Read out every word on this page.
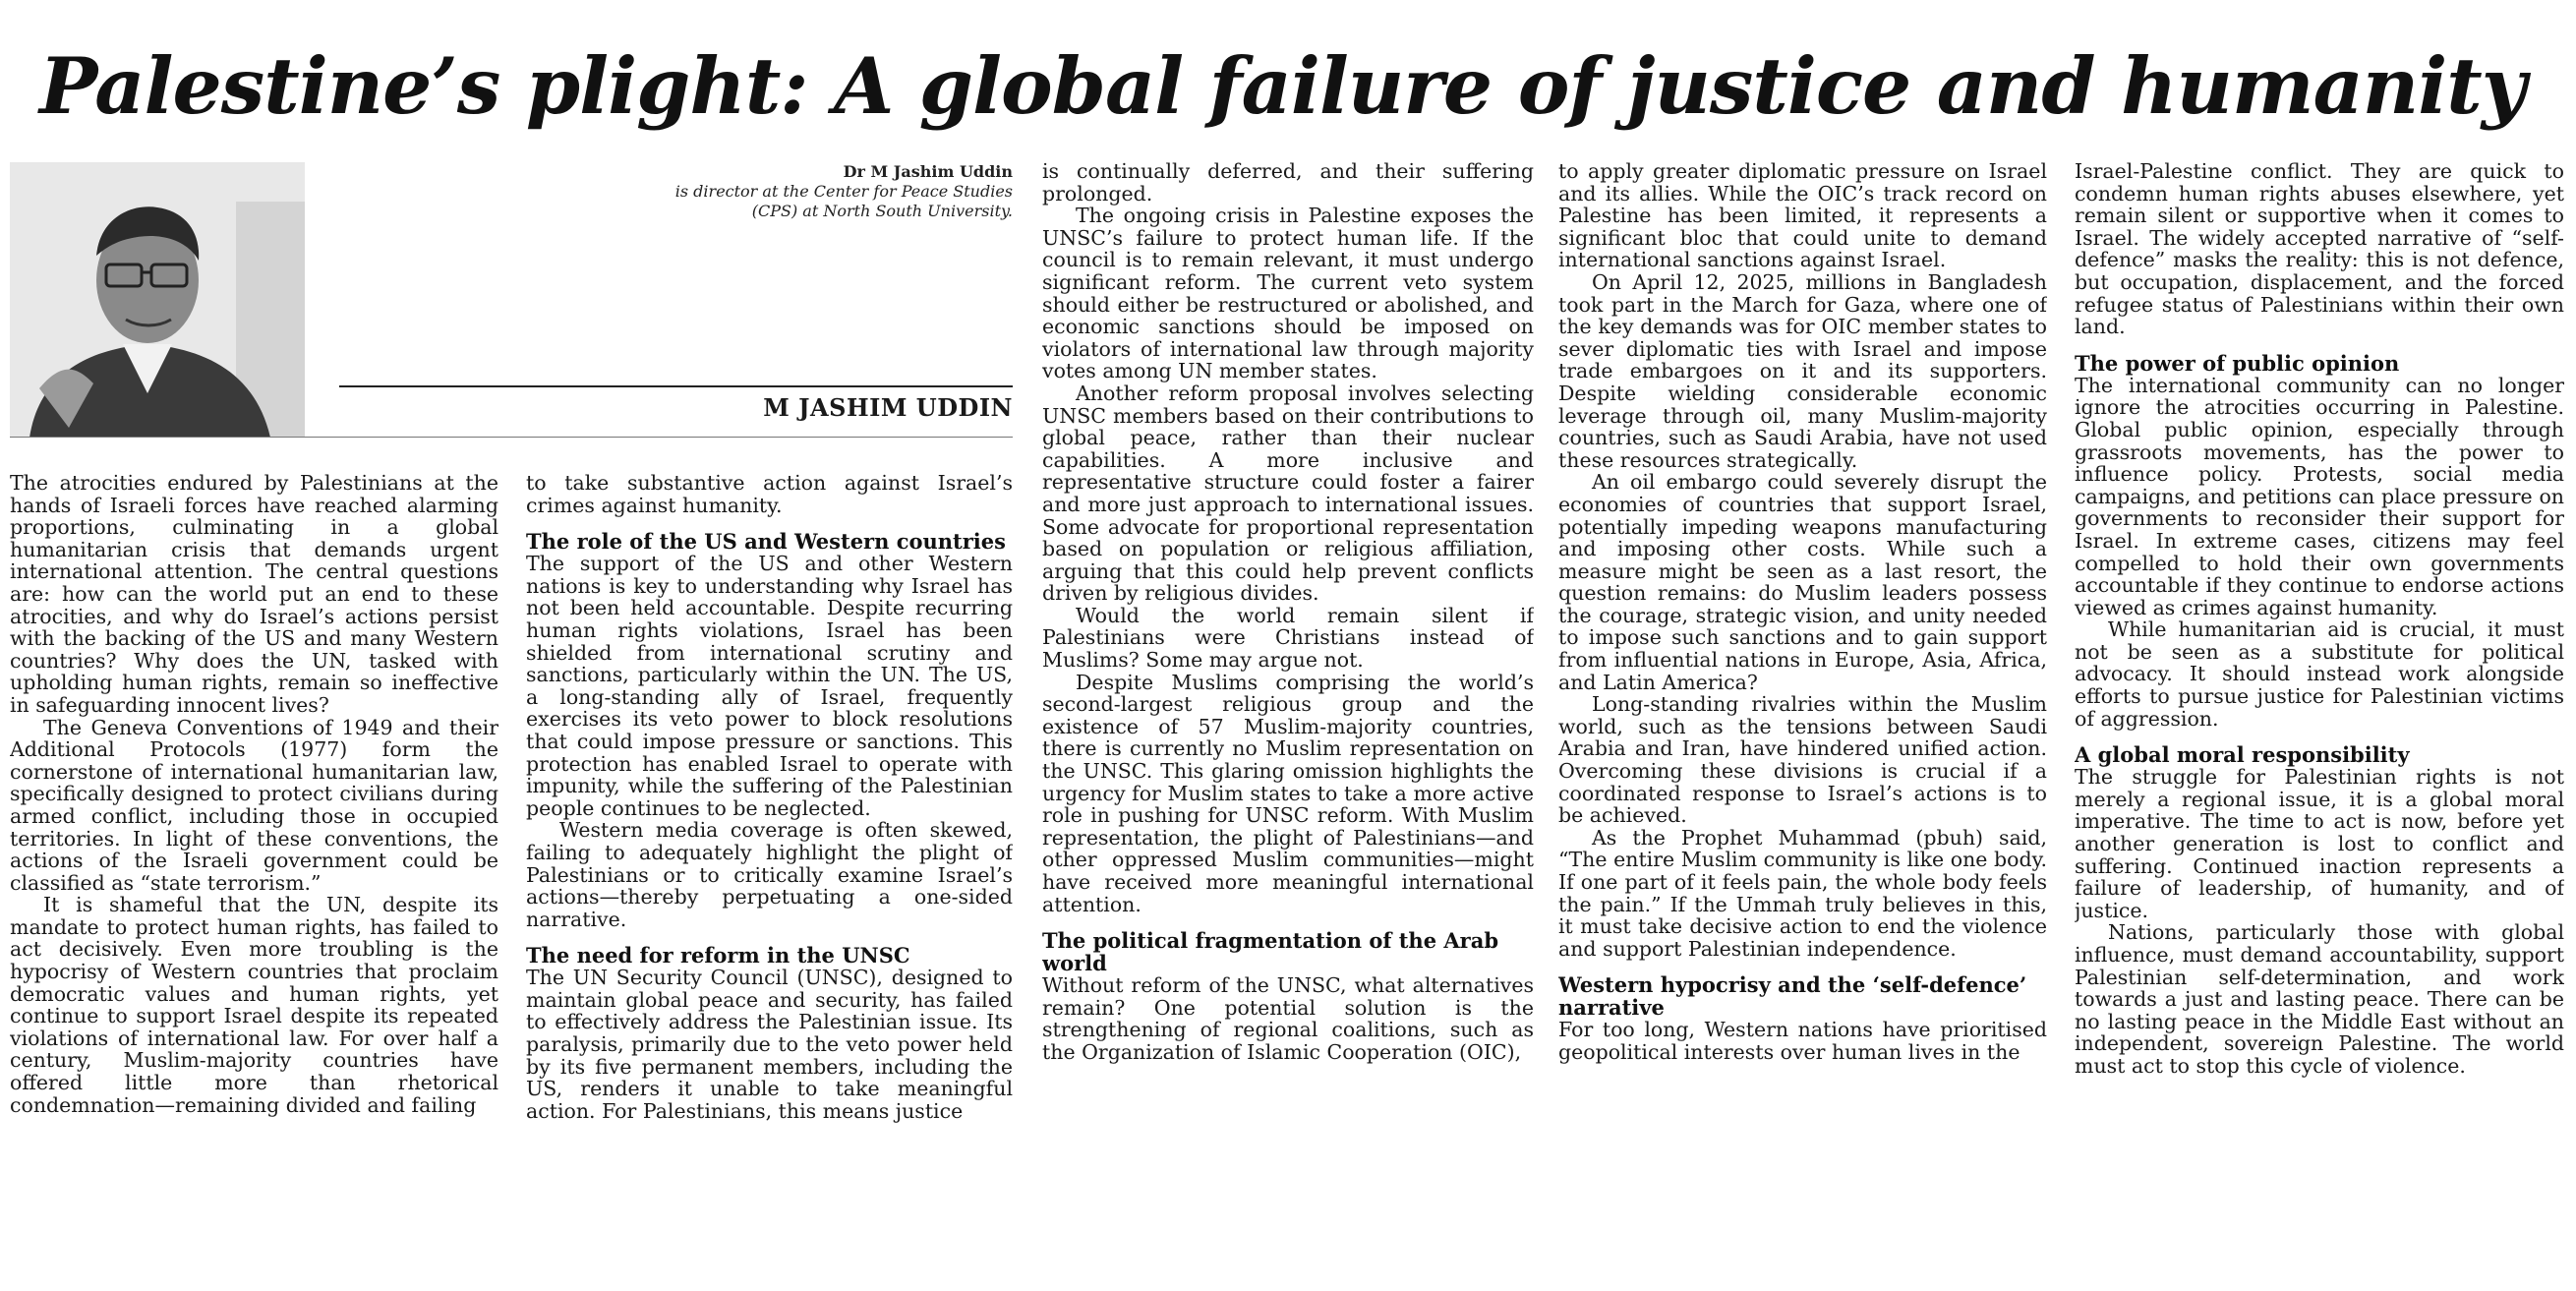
Palestine’s plight: A global failure of justice and humanity
Dr M Jashim Uddin
is director at the Center for Peace Studies
(CPS) at North South University.
M JASHIM UDDIN

The atrocities endured by Palestinians at the hands of Israeli forces have reached alarming proportions, culminating in a global humanitarian crisis that demands urgent international attention. The central questions are: how can the world put an end to these atrocities, and why do Israel’s actions persist with the backing of the US and many Western countries? Why does the UN, tasked with upholding human rights, remain so ineffective in safeguarding innocent lives?

The Geneva Conventions of 1949 and their Additional Protocols (1977) form the cornerstone of international humanitarian law, specifically designed to protect civilians during armed conflict, including those in occupied territories. In light of these conventions, the actions of the Israeli government could be classified as “state terrorism.”

It is shameful that the UN, despite its mandate to protect human rights, has failed to act decisively. Even more troubling is the hypocrisy of Western countries that proclaim democratic values and human rights, yet continue to support Israel despite its repeated violations of international law. For over half a century, Muslim-majority countries have offered little more than rhetorical condemnation—remaining divided and failing

to take substantive action against Israel’s crimes against humanity.

The role of the US and Western countries

The support of the US and other Western nations is key to understanding why Israel has not been held accountable. Despite recurring human rights violations, Israel has been shielded from international scrutiny and sanctions, particularly within the UN. The US, a long-standing ally of Israel, frequently exercises its veto power to block resolutions that could impose pressure or sanctions. This protection has enabled Israel to operate with impunity, while the suffering of the Palestinian people continues to be neglected.

Western media coverage is often skewed, failing to adequately highlight the plight of Palestinians or to critically examine Israel’s actions—thereby perpetuating a one-sided narrative.

The need for reform in the UNSC

The UN Security Council (UNSC), designed to maintain global peace and security, has failed to effectively address the Palestinian issue. Its paralysis, primarily due to the veto power held by its five permanent members, including the US, renders it unable to take meaningful action. For Palestinians, this means justice

is continually deferred, and their suffering prolonged.

The ongoing crisis in Palestine exposes the UNSC’s failure to protect human life. If the council is to remain relevant, it must undergo significant reform. The current veto system should either be restructured or abolished, and economic sanctions should be imposed on violators of international law through majority votes among UN member states.

Another reform proposal involves selecting UNSC members based on their contributions to global peace, rather than their nuclear capabilities. A more inclusive and representative structure could foster a fairer and more just approach to international issues. Some advocate for proportional representation based on population or religious affiliation, arguing that this could help prevent conflicts driven by religious divides.

Would the world remain silent if Palestinians were Christians instead of Muslims? Some may argue not.

Despite Muslims comprising the world’s second-largest religious group and the existence of 57 Muslim-majority countries, there is currently no Muslim representation on the UNSC. This glaring omission highlights the urgency for Muslim states to take a more active role in pushing for UNSC reform. With Muslim representation, the plight of Palestinians—and other oppressed Muslim communities—might have received more meaningful international attention.

The political fragmentation of the Arab world

Without reform of the UNSC, what alternatives remain? One potential solution is the strengthening of regional coalitions, such as the Organization of Islamic Cooperation (OIC),

to apply greater diplomatic pressure on Israel and its allies. While the OIC’s track record on Palestine has been limited, it represents a significant bloc that could unite to demand international sanctions against Israel.

On April 12, 2025, millions in Bangladesh took part in the March for Gaza, where one of the key demands was for OIC member states to sever diplomatic ties with Israel and impose trade embargoes on it and its supporters. Despite wielding considerable economic leverage through oil, many Muslim-majority countries, such as Saudi Arabia, have not used these resources strategically.

An oil embargo could severely disrupt the economies of countries that support Israel, potentially impeding weapons manufacturing and imposing other costs. While such a measure might be seen as a last resort, the question remains: do Muslim leaders possess the courage, strategic vision, and unity needed to impose such sanctions and to gain support from influential nations in Europe, Asia, Africa, and Latin America?

Long-standing rivalries within the Muslim world, such as the tensions between Saudi Arabia and Iran, have hindered unified action. Overcoming these divisions is crucial if a coordinated response to Israel’s actions is to be achieved.

As the Prophet Muhammad (pbuh) said, “The entire Muslim community is like one body. If one part of it feels pain, the whole body feels the pain.” If the Ummah truly believes in this, it must take decisive action to end the violence and support Palestinian independence.

Western hypocrisy and the ‘self-defence’ narrative

For too long, Western nations have prioritised geopolitical interests over human lives in the

Israel-Palestine conflict. They are quick to condemn human rights abuses elsewhere, yet remain silent or supportive when it comes to Israel. The widely accepted narrative of “self-defence” masks the reality: this is not defence, but occupation, displacement, and the forced refugee status of Palestinians within their own land.

The power of public opinion

The international community can no longer ignore the atrocities occurring in Palestine. Global public opinion, especially through grassroots movements, has the power to influence policy. Protests, social media campaigns, and petitions can place pressure on governments to reconsider their support for Israel. In extreme cases, citizens may feel compelled to hold their own governments accountable if they continue to endorse actions viewed as crimes against humanity.

While humanitarian aid is crucial, it must not be seen as a substitute for political advocacy. It should instead work alongside efforts to pursue justice for Palestinian victims of aggression.

A global moral responsibility

The struggle for Palestinian rights is not merely a regional issue, it is a global moral imperative. The time to act is now, before yet another generation is lost to conflict and suffering. Continued inaction represents a failure of leadership, of humanity, and of justice.

Nations, particularly those with global influence, must demand accountability, support Palestinian self-determination, and work towards a just and lasting peace. There can be no lasting peace in the Middle East without an independent, sovereign Palestine. The world must act to stop this cycle of violence.
